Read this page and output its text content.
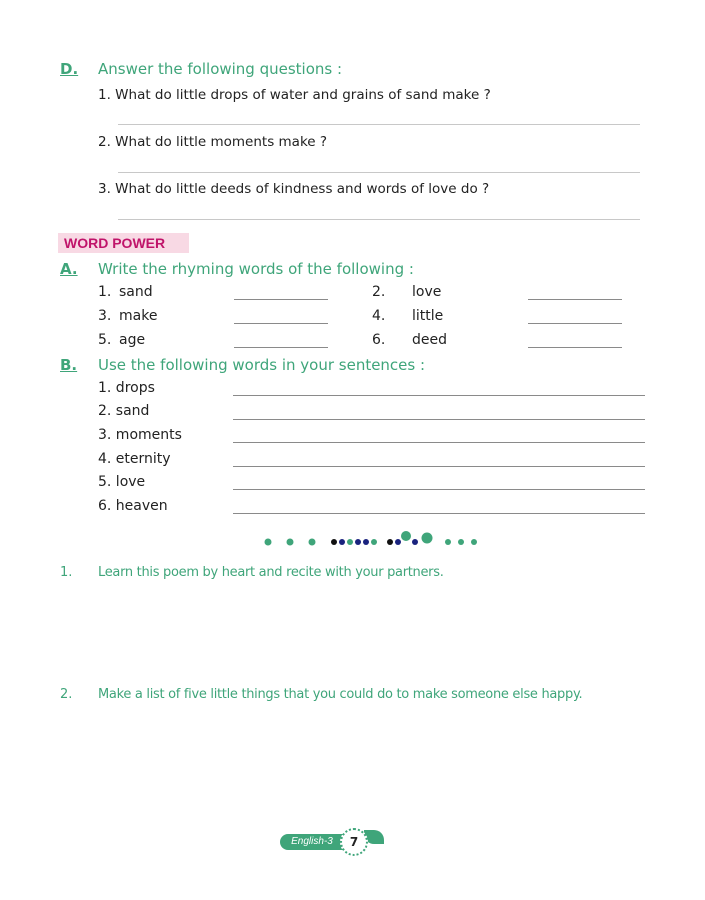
D. Answer the following questions :
1. What do little drops of water and grains of sand make ?
2. What do little moments make ?
3. What do little deeds of kindness and words of love do ?
WORD POWER
A. Write the rhyming words of the following :
1. sand	2. love
3. make	4. little
5. age	6. deed
B. Use the following words in your sentences :
1. drops
2. sand
3. moments
4. eternity
5. love
6. heaven
1. Learn this poem by heart and recite with your partners.
2. Make a list of five little things that you could do to make someone else happy.
English-3	7
